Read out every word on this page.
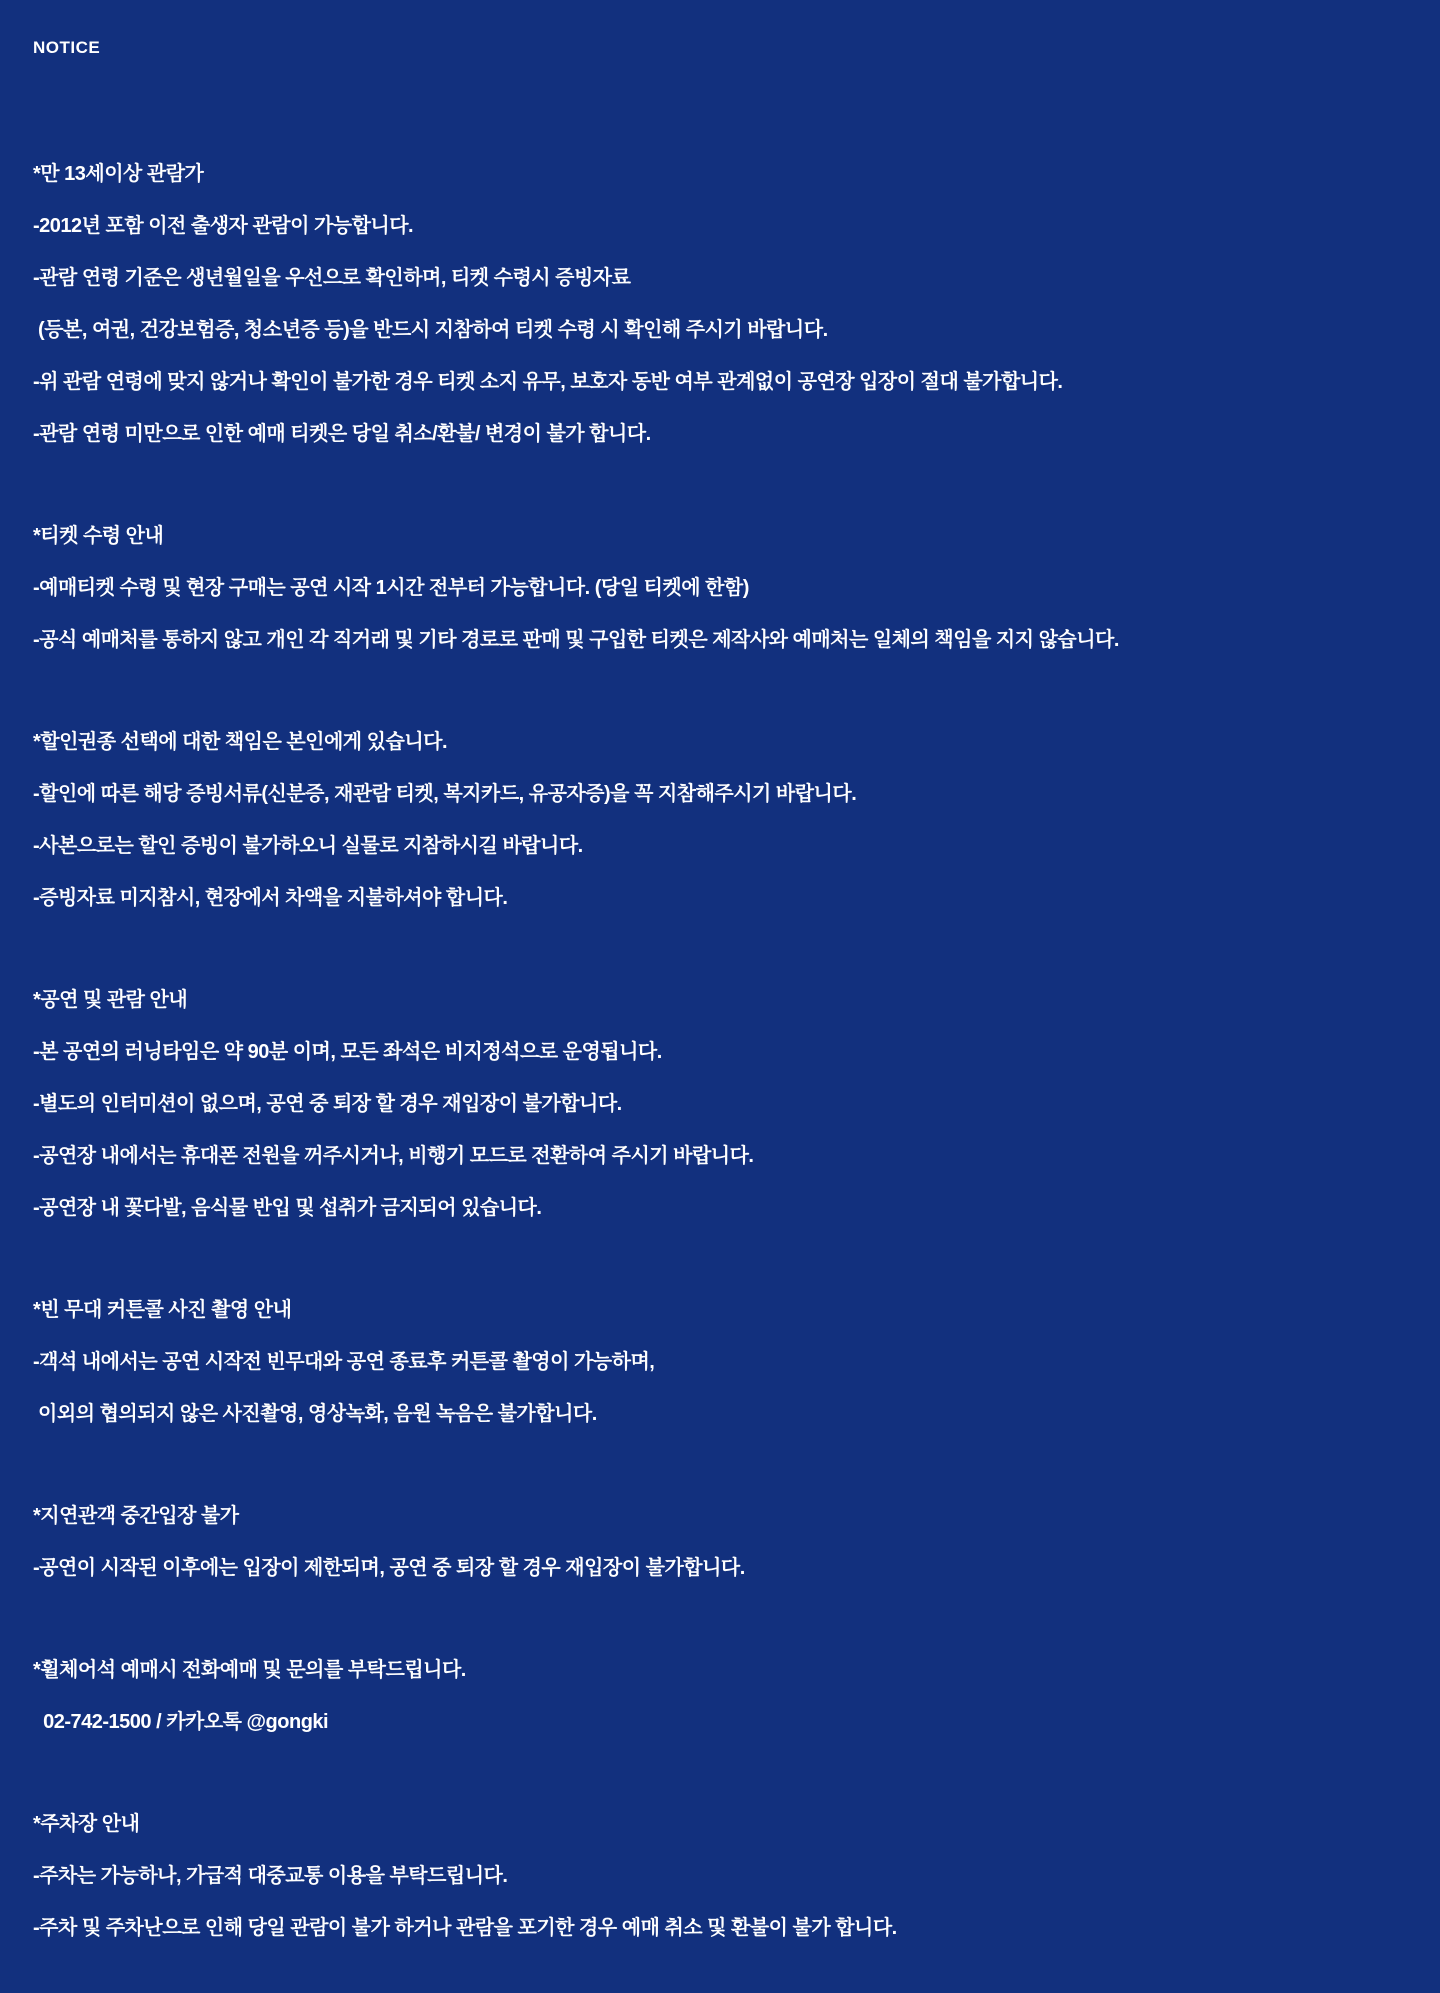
NOTICE

*만 13세이상 관람가

-2012년 포함 이전 출생자 관람이 가능합니다.

-관람 연령 기준은 생년월일을 우선으로 확인하며, 티켓 수령시 증빙자료

(등본, 여권, 건강보험증, 청소년증 등)을 반드시 지참하여 티켓 수령 시 확인해 주시기 바랍니다.

-위 관람 연령에 맞지 않거나 확인이 불가한 경우 티켓 소지 유무, 보호자 동반 여부 관계없이 공연장 입장이 절대 불가합니다.

-관람 연령 미만으로 인한 예매 티켓은 당일 취소/환불/ 변경이 불가 합니다.

*티켓 수령 안내

-예매티켓 수령 및 현장 구매는 공연 시작 1시간 전부터 가능합니다. (당일 티켓에 한함)

-공식 예매처를 통하지 않고 개인 각 직거래 및 기타 경로로 판매 및 구입한 티켓은 제작사와 예매처는 일체의 책임을 지지 않습니다.

*할인권종 선택에 대한 책임은 본인에게 있습니다.

-할인에 따른 해당 증빙서류(신분증, 재관람 티켓, 복지카드, 유공자증)을 꼭 지참해주시기 바랍니다.

-사본으로는 할인 증빙이 불가하오니 실물로 지참하시길 바랍니다.

-증빙자료 미지참시, 현장에서 차액을 지불하셔야 합니다.

*공연 및 관람 안내

-본 공연의 러닝타임은 약 90분 이며, 모든 좌석은 비지정석으로 운영됩니다.

-별도의 인터미션이 없으며, 공연 중 퇴장 할 경우 재입장이 불가합니다.

-공연장 내에서는 휴대폰 전원을 꺼주시거나, 비행기 모드로 전환하여 주시기 바랍니다.

-공연장 내 꽃다발, 음식물 반입 및 섭취가 금지되어 있습니다.

*빈 무대 커튼콜 사진 촬영 안내

-객석 내에서는 공연 시작전 빈무대와 공연 종료후 커튼콜 촬영이 가능하며,

이외의 협의되지 않은 사진촬영, 영상녹화, 음원 녹음은 불가합니다.

*지연관객 중간입장 불가

-공연이 시작된 이후에는 입장이 제한되며, 공연 중 퇴장 할 경우 재입장이 불가합니다.

*휠체어석 예매시 전화예매 및 문의를 부탁드립니다.

02-742-1500 / 카카오톡 @gongki

*주차장 안내

-주차는 가능하나, 가급적 대중교통 이용을 부탁드립니다.

-주차 및 주차난으로 인해 당일 관람이 불가 하거나 관람을 포기한 경우 예매 취소 및 환불이 불가 합니다.
